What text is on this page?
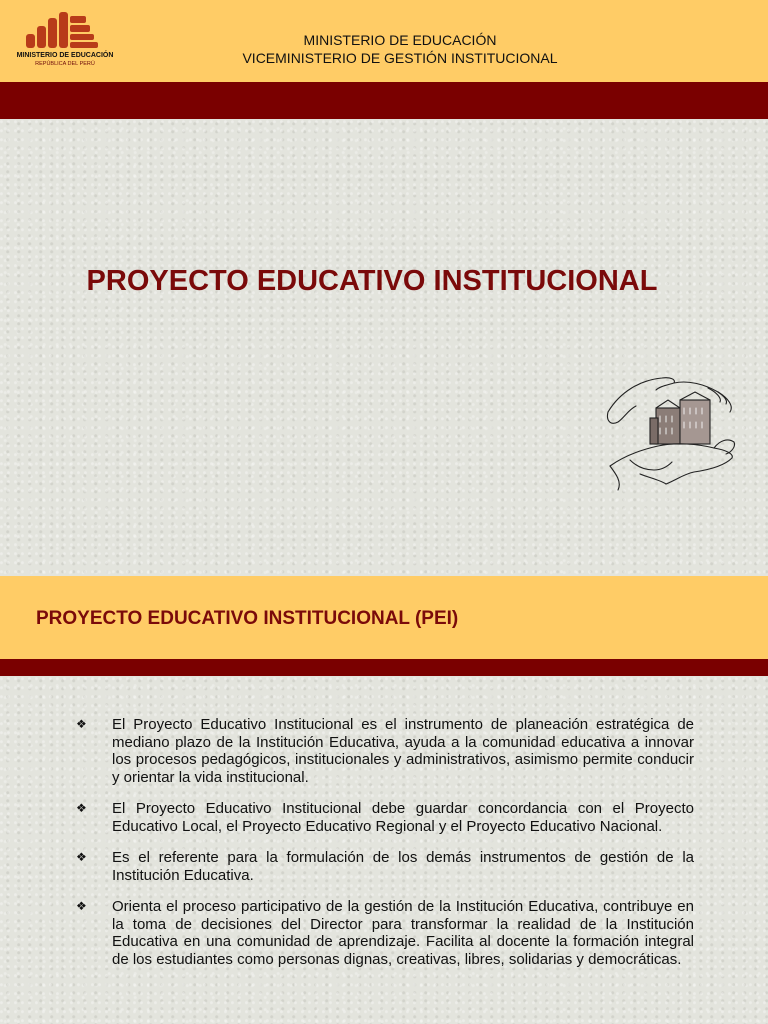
MINISTERIO DE EDUCACIÓN
REPÚBLICA DEL PERÚ
MINISTERIO DE EDUCACIÓN
VICEMINISTERIO DE GESTIÓN INSTITUCIONAL
PROYECTO EDUCATIVO INSTITUCIONAL
PROYECTO EDUCATIVO INSTITUCIONAL (PEI)
❖ El Proyecto Educativo Institucional es el instrumento de planeación estratégica de mediano plazo de la Institución Educativa, ayuda a la comunidad educativa a innovar los procesos pedagógicos, institucionales y administrativos, asimismo permite conducir y orientar la vida institucional.
❖ El Proyecto Educativo Institucional debe guardar concordancia con el Proyecto Educativo Local, el Proyecto Educativo Regional y el Proyecto Educativo Nacional.
❖ Es el referente para la formulación de los demás instrumentos de gestión de la Institución Educativa.
❖ Orienta el proceso participativo de la gestión de la Institución Educativa, contribuye en la toma de decisiones del Director para transformar la realidad de la Institución Educativa en una comunidad de aprendizaje. Facilita al docente la formación integral de los estudiantes como personas dignas, creativas, libres, solidarias y democráticas.
